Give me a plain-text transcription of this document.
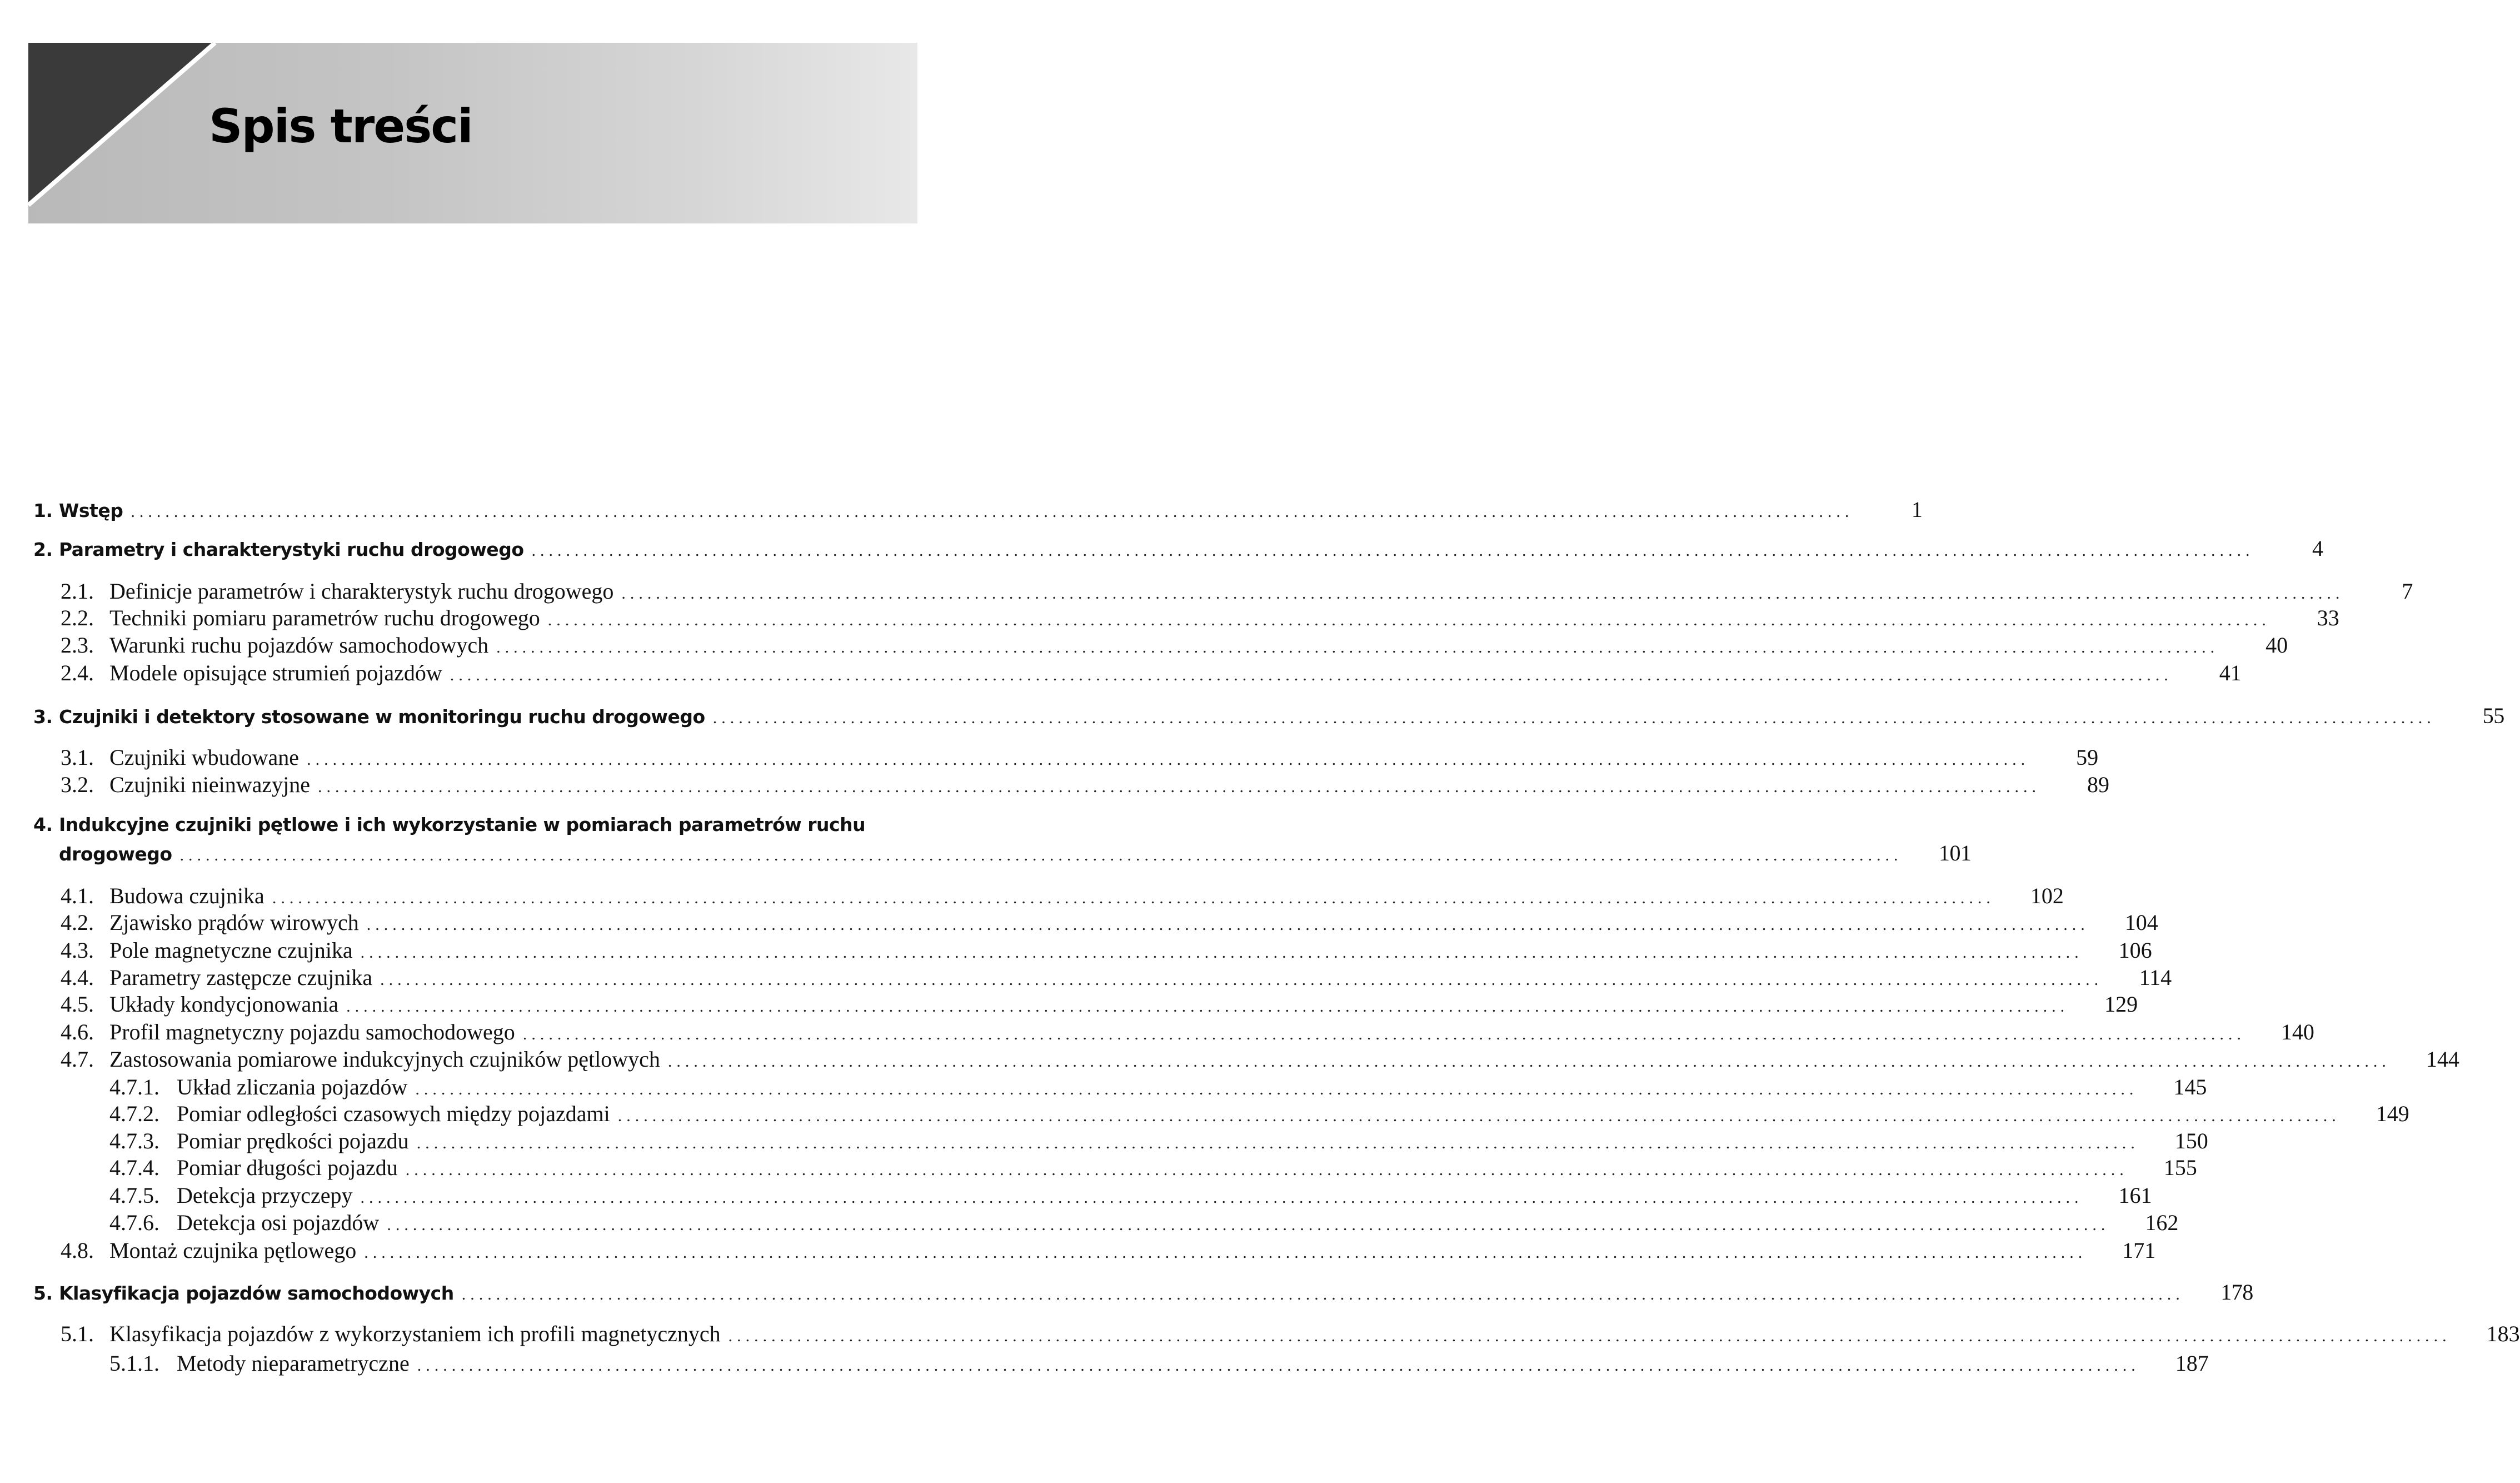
Spis treści
1. Wstęp ........................................................................................................................................................................................................	1
2. Parametry i charakterystyki ruchu drogowego ........................................................................................................................................................................................................	4
2.1. Definicje parametrów i charakterystyk ruchu drogowego ........................................................................................................................................................................................................	7
2.2. Techniki pomiaru parametrów ruchu drogowego ........................................................................................................................................................................................................	33
2.3. Warunki ruchu pojazdów samochodowych ........................................................................................................................................................................................................	40
2.4. Modele opisujące strumień pojazdów ........................................................................................................................................................................................................	41
3. Czujniki i detektory stosowane w monitoringu ruchu drogowego ........................................................................................................................................................................................................	55
3.1. Czujniki wbudowane ........................................................................................................................................................................................................	59
3.2. Czujniki nieinwazyjne ........................................................................................................................................................................................................	89
4. Indukcyjne czujniki pętlowe i ich wykorzystanie w pomiarach parametrów ruchu
drogowego ........................................................................................................................................................................................................	101
4.1. Budowa czujnika ........................................................................................................................................................................................................	102
4.2. Zjawisko prądów wirowych ........................................................................................................................................................................................................	104
4.3. Pole magnetyczne czujnika ........................................................................................................................................................................................................	106
4.4. Parametry zastępcze czujnika ........................................................................................................................................................................................................	114
4.5. Układy kondycjonowania ........................................................................................................................................................................................................	129
4.6. Profil magnetyczny pojazdu samochodowego ........................................................................................................................................................................................................	140
4.7. Zastosowania pomiarowe indukcyjnych czujników pętlowych ........................................................................................................................................................................................................	144
4.7.1. Układ zliczania pojazdów ........................................................................................................................................................................................................	145
4.7.2. Pomiar odległości czasowych między pojazdami ........................................................................................................................................................................................................	149
4.7.3. Pomiar prędkości pojazdu ........................................................................................................................................................................................................	150
4.7.4. Pomiar długości pojazdu ........................................................................................................................................................................................................	155
4.7.5. Detekcja przyczepy ........................................................................................................................................................................................................	161
4.7.6. Detekcja osi pojazdów ........................................................................................................................................................................................................	162
4.8. Montaż czujnika pętlowego ........................................................................................................................................................................................................	171
5. Klasyfikacja pojazdów samochodowych ........................................................................................................................................................................................................	178
5.1. Klasyfikacja pojazdów z wykorzystaniem ich profili magnetycznych ........................................................................................................................................................................................................	183
5.1.1. Metody nieparametryczne ........................................................................................................................................................................................................	187
